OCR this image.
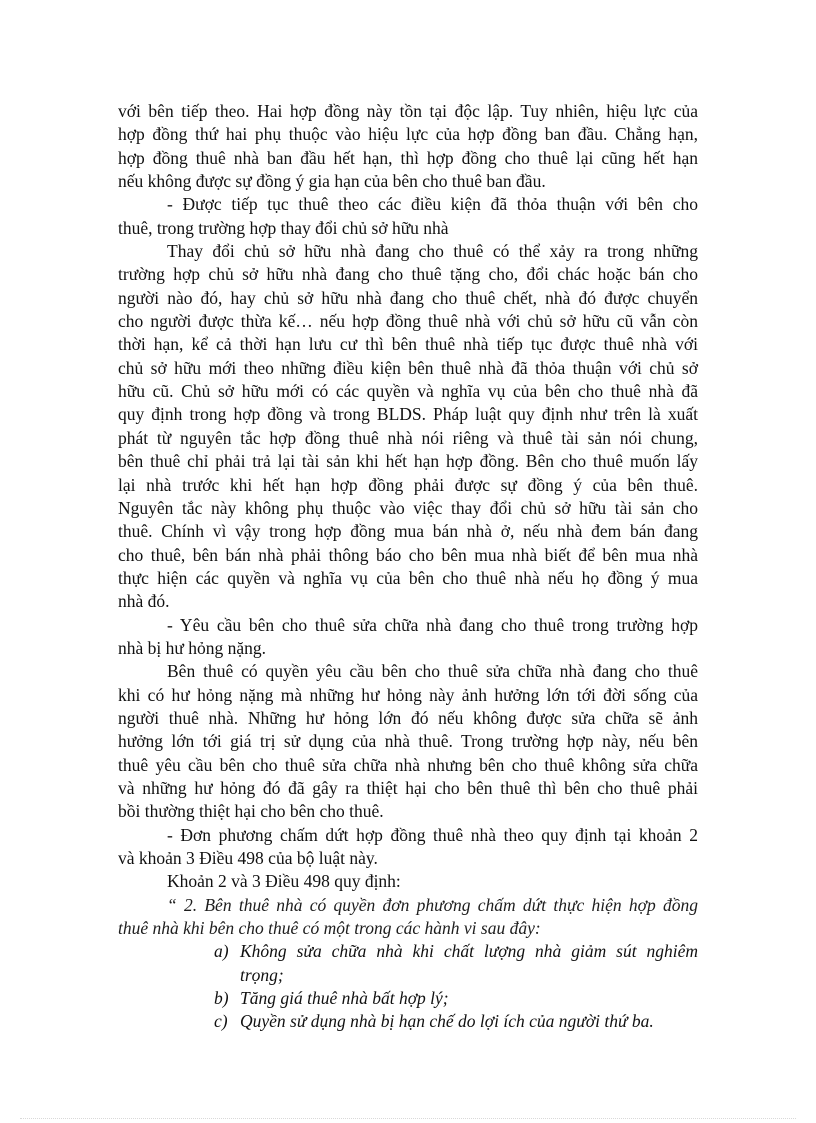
với bên tiếp theo. Hai hợp đồng này tồn tại độc lập. Tuy nhiên, hiệu lực của
hợp đồng thứ hai phụ thuộc vào hiệu lực của hợp đồng ban đầu. Chẳng hạn,
hợp đồng thuê nhà ban đầu hết hạn, thì hợp đồng cho thuê lại cũng hết hạn
nếu không được sự đồng ý gia hạn của bên cho thuê ban đầu.
- Được tiếp tục thuê theo các điều kiện đã thỏa thuận với bên cho
thuê, trong trường hợp thay đổi chủ sở hữu nhà
Thay đổi chủ sở hữu nhà đang cho thuê có thể xảy ra trong những
trường hợp chủ sở hữu nhà đang cho thuê tặng cho, đổi chác hoặc bán cho
người nào đó, hay chủ sở hữu nhà đang cho thuê chết, nhà đó được chuyển
cho người được thừa kế… nếu hợp đồng thuê nhà với chủ sở hữu cũ vẫn còn
thời hạn, kể cả thời hạn lưu cư thì bên thuê nhà tiếp tục được thuê nhà với
chủ sở hữu mới theo những điều kiện bên thuê nhà đã thỏa thuận với chủ sở
hữu cũ. Chủ sở hữu mới có các quyền và nghĩa vụ của bên cho thuê nhà đã
quy định trong hợp đồng và trong BLDS. Pháp luật quy định như trên là xuất
phát từ nguyên tắc hợp đồng thuê nhà nói riêng và thuê tài sản nói chung,
bên thuê chỉ phải trả lại tài sản khi hết hạn hợp đồng. Bên cho thuê muốn lấy
lại nhà trước khi hết hạn hợp đồng phải được sự đồng ý của bên thuê.
Nguyên tắc này không phụ thuộc vào việc thay đổi chủ sở hữu tài sản cho
thuê. Chính vì vậy trong hợp đồng mua bán nhà ở, nếu nhà đem bán đang
cho thuê, bên bán nhà phải thông báo cho bên mua nhà biết để bên mua nhà
thực hiện các quyền và nghĩa vụ của bên cho thuê nhà nếu họ đồng ý mua
nhà đó.
- Yêu cầu bên cho thuê sửa chữa nhà đang cho thuê trong trường hợp
nhà bị hư hỏng nặng.
Bên thuê có quyền yêu cầu bên cho thuê sửa chữa nhà đang cho thuê
khi có hư hỏng nặng mà những hư hỏng này ảnh hưởng lớn tới đời sống của
người thuê nhà. Những hư hỏng lớn đó nếu không được sửa chữa sẽ ảnh
hưởng lớn tới giá trị sử dụng của nhà thuê. Trong trường hợp này, nếu bên
thuê yêu cầu bên cho thuê sửa chữa nhà nhưng bên cho thuê không sửa chữa
và những hư hỏng đó đã gây ra thiệt hại cho bên thuê thì bên cho thuê phải
bồi thường thiệt hại cho bên cho thuê.
- Đơn phương chấm dứt hợp đồng thuê nhà theo quy định tại khoản 2
và khoản 3 Điều 498 của bộ luật này.
Khoản 2 và 3 Điều 498 quy định:
“ 2. Bên thuê nhà có quyền đơn phương chấm dứt thực hiện hợp đồng
thuê nhà khi bên cho thuê có một trong các hành vi sau đây:
a) Không sửa chữa nhà khi chất lượng nhà giảm sút nghiêm
trọng;
b) Tăng giá thuê nhà bất hợp lý;
c) Quyền sử dụng nhà bị hạn chế do lợi ích của người thứ ba.
